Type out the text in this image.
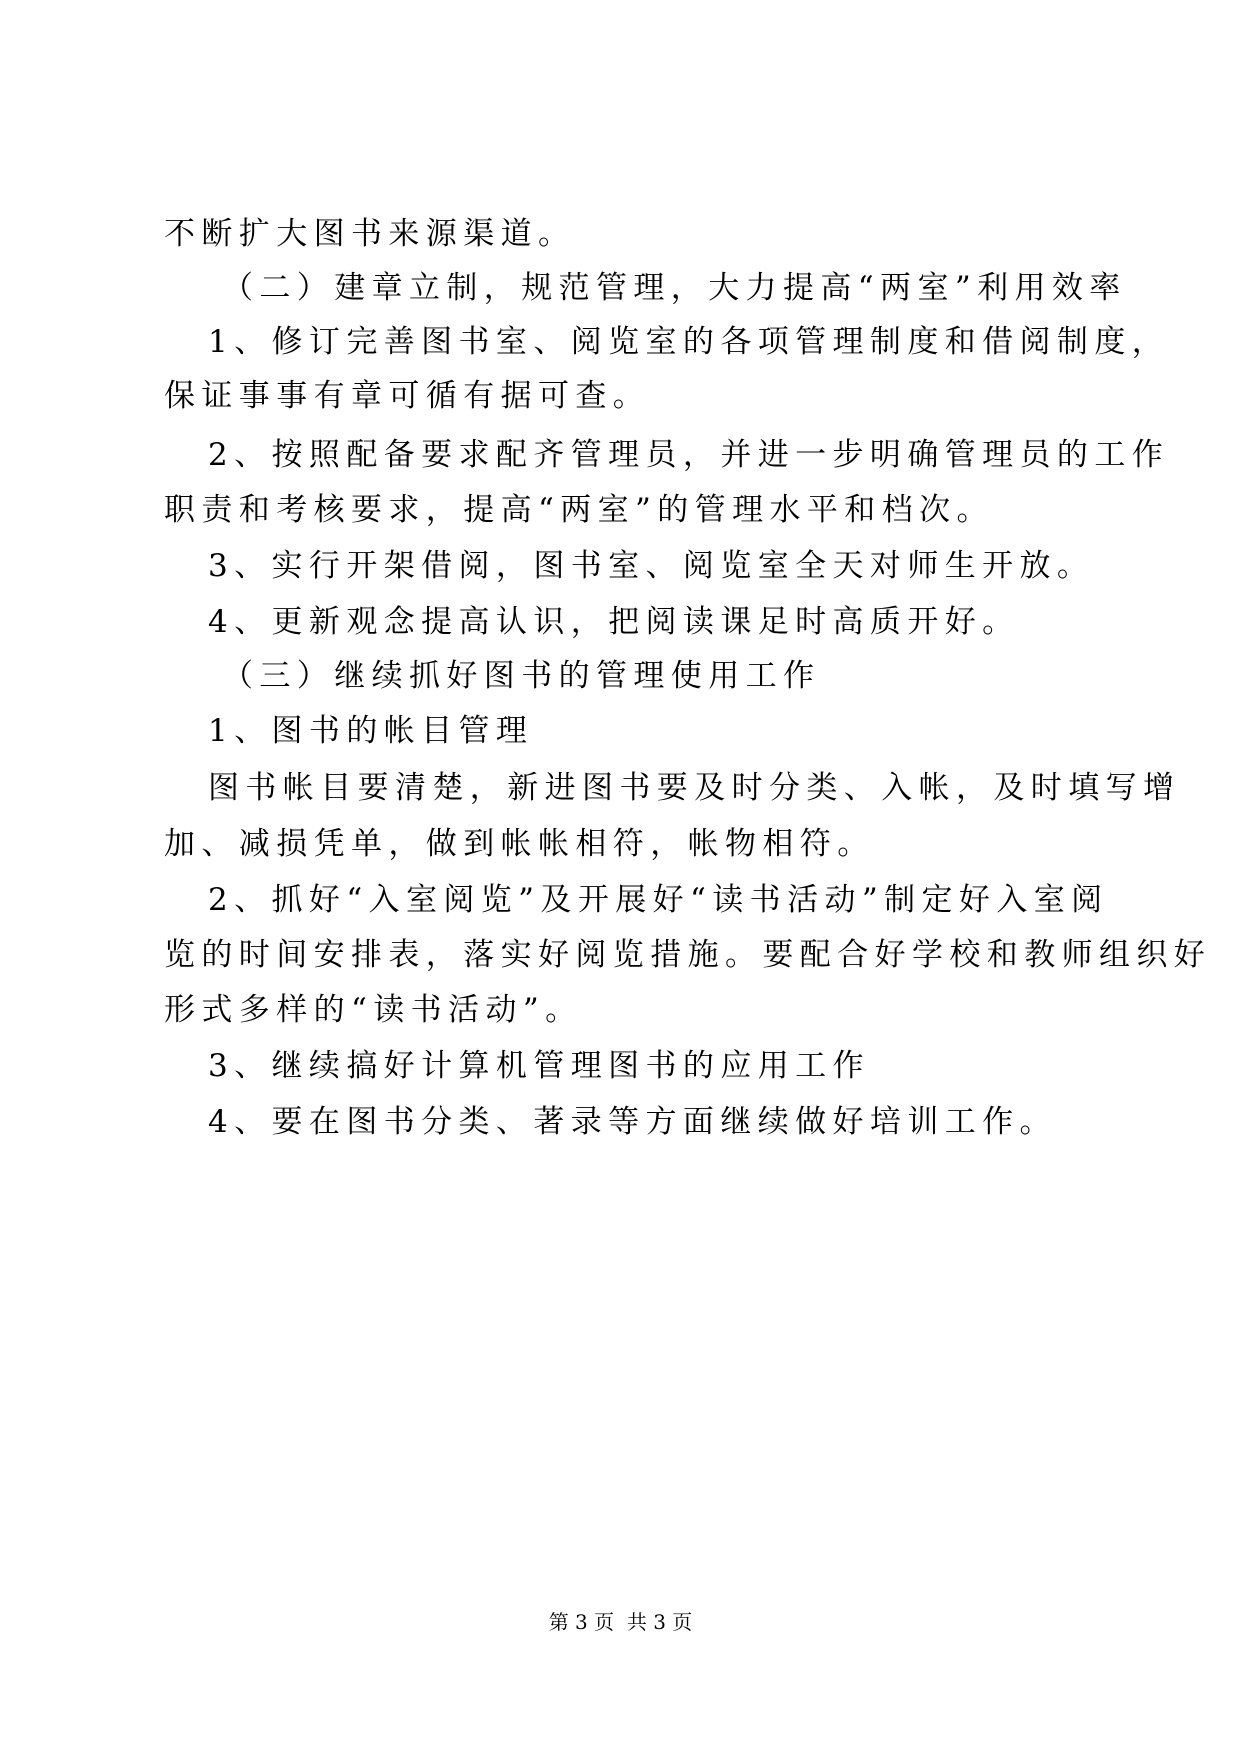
不断扩大图书来源渠道。
（二）建章立制，规范管理，大力提高“两室”利用效率
1、修订完善图书室、阅览室的各项管理制度和借阅制度，
保证事事有章可循有据可查。
2、按照配备要求配齐管理员，并进一步明确管理员的工作
职责和考核要求，提高“两室”的管理水平和档次。
3、实行开架借阅，图书室、阅览室全天对师生开放。
4、更新观念提高认识，把阅读课足时高质开好。
（三）继续抓好图书的管理使用工作
1、图书的帐目管理
图书帐目要清楚，新进图书要及时分类、入帐，及时填写增
加、减损凭单，做到帐帐相符，帐物相符。
2、抓好“入室阅览”及开展好“读书活动”制定好入室阅
览的时间安排表，落实好阅览措施。要配合好学校和教师组织好
形式多样的“读书活动”。
3、继续搞好计算机管理图书的应用工作
4、要在图书分类、著录等方面继续做好培训工作。
第 3 页  共 3 页
